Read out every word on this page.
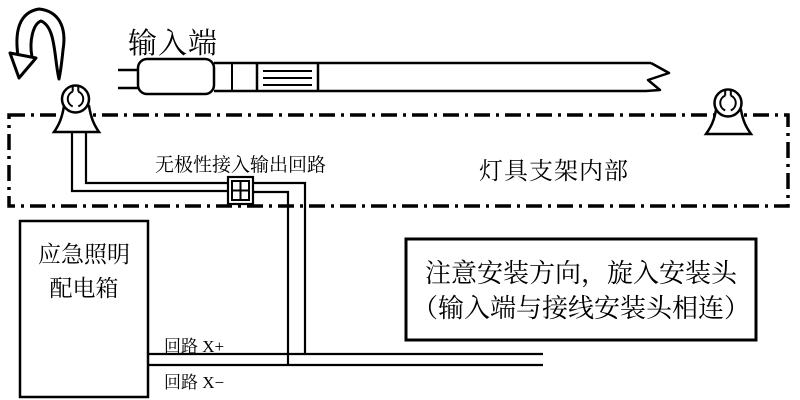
输入端
无极性接入输出回路	灯具支架内部
应急照明
配电箱
回路 X+
回路 X−
注意安装方向，旋入安装头
（输入端与接线安装头相连）
